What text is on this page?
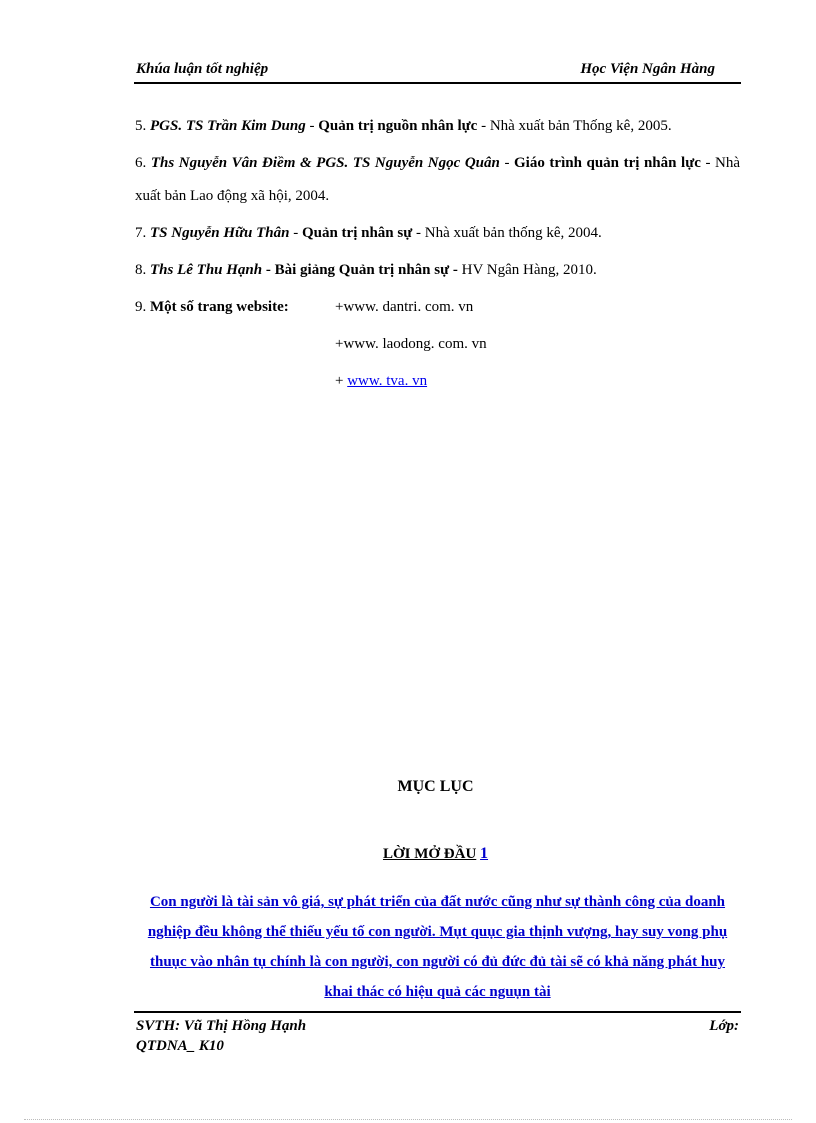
Khúa luận tốt nghiệp	Học Viện Ngân Hàng

5. PGS. TS Trần Kim Dung - Quản trị nguồn nhân lực - Nhà xuất bản Thống kê, 2005.

6. Ths Nguyễn Vân Điềm & PGS. TS Nguyễn Ngọc Quân - Giáo trình quản trị nhân lực - Nhà xuất bản Lao động xã hội, 2004.

7. TS Nguyễn Hữu Thân - Quản trị nhân sự - Nhà xuất bản thống kê, 2004.

8. Ths Lê Thu Hạnh - Bài giảng Quản trị nhân sự - HV Ngân Hàng, 2010.

9. Một số trang website:	+www. dantri. com. vn
+www. laodong. com. vn
+ www. tva. vn
MỤC LỤC
LỜI MỞ ĐẦU 1
Con người là tài sản vô giá, sự phát triển của đất nước cũng như sự thành công của doanh nghiệp đều không thể thiếu yếu tố con người. Mụt quục gia thịnh vượng, hay suy vong phụ thuục vào nhân tụ chính là con người, con người có đủ đức đủ tài sẽ có khả năng phát huy khai thác có hiệu quả các nguụn tài
SVTH: Vũ Thị Hồng Hạnh
QTDNA_ K10
Lớp:
